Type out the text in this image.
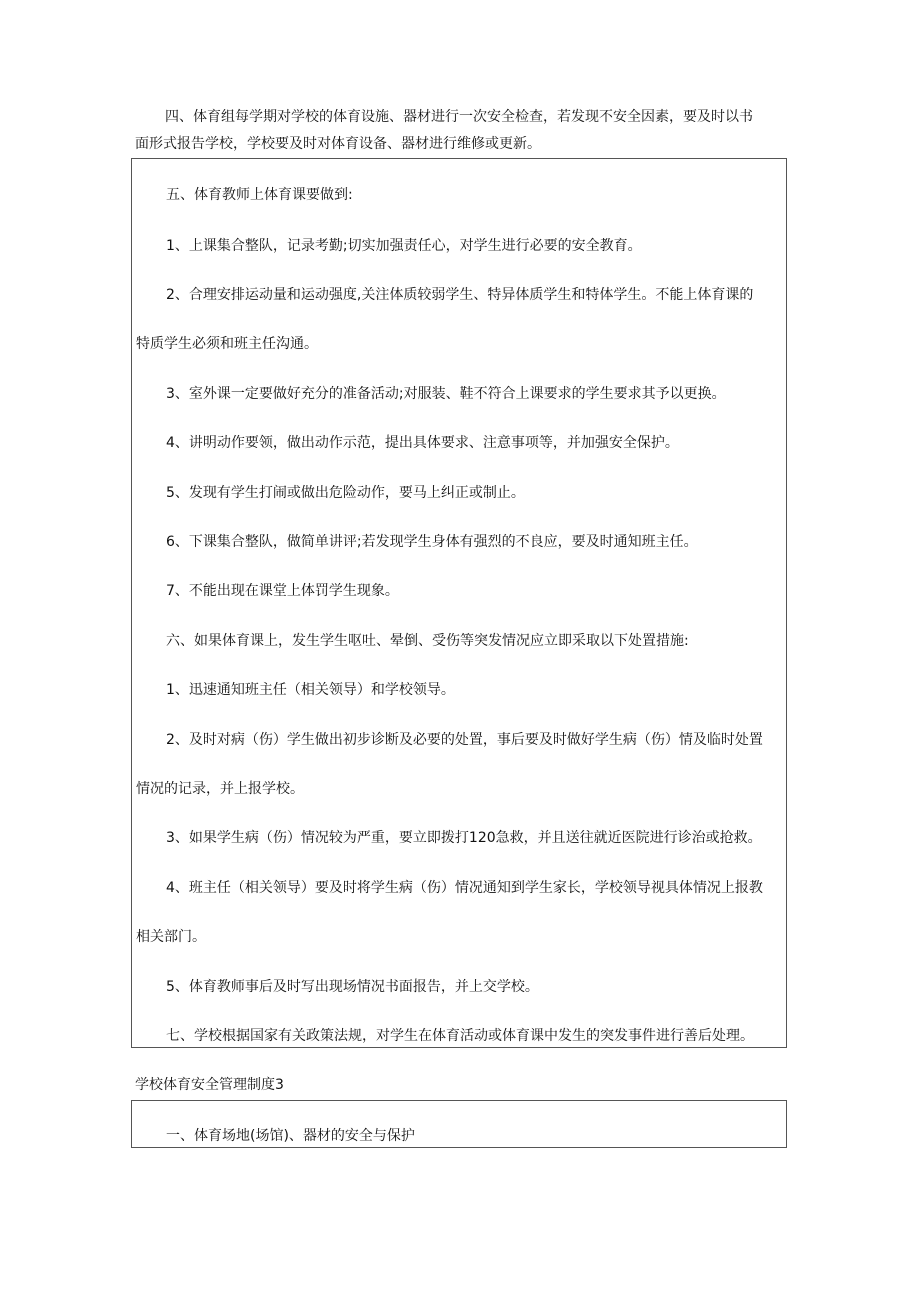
四、体育组每学期对学校的体育设施、器材进行一次安全检查，若发现不安全因素，要及时以书
面形式报告学校，学校要及时对体育设备、器材进行维修或更新。
五、体育教师上体育课要做到:
1、上课集合整队，记录考勤;切实加强责任心，对学生进行必要的安全教育。
2、合理安排运动量和运动强度,关注体质较弱学生、特异体质学生和特体学生。不能上体育课的
特质学生必须和班主任沟通。
3、室外课一定要做好充分的准备活动;对服装、鞋不符合上课要求的学生要求其予以更换。
4、讲明动作要领，做出动作示范，提出具体要求、注意事项等，并加强安全保护。
5、发现有学生打闹或做出危险动作，要马上纠正或制止。
6、下课集合整队，做简单讲评;若发现学生身体有强烈的不良应，要及时通知班主任。
7、不能出现在课堂上体罚学生现象。
六、如果体育课上，发生学生呕吐、晕倒、受伤等突发情况应立即采取以下处置措施:
1、迅速通知班主任（相关领导）和学校领导。
2、及时对病（伤）学生做出初步诊断及必要的处置，事后要及时做好学生病（伤）情及临时处置
情况的记录，并上报学校。
3、如果学生病（伤）情况较为严重，要立即拨打120急救，并且送往就近医院进行诊治或抢救。
4、班主任（相关领导）要及时将学生病（伤）情况通知到学生家长，学校领导视具体情况上报教
相关部门。
5、体育教师事后及时写出现场情况书面报告，并上交学校。
七、学校根据国家有关政策法规，对学生在体育活动或体育课中发生的突发事件进行善后处理。
学校体育安全管理制度3
一、体育场地(场馆)、器材的安全与保护
